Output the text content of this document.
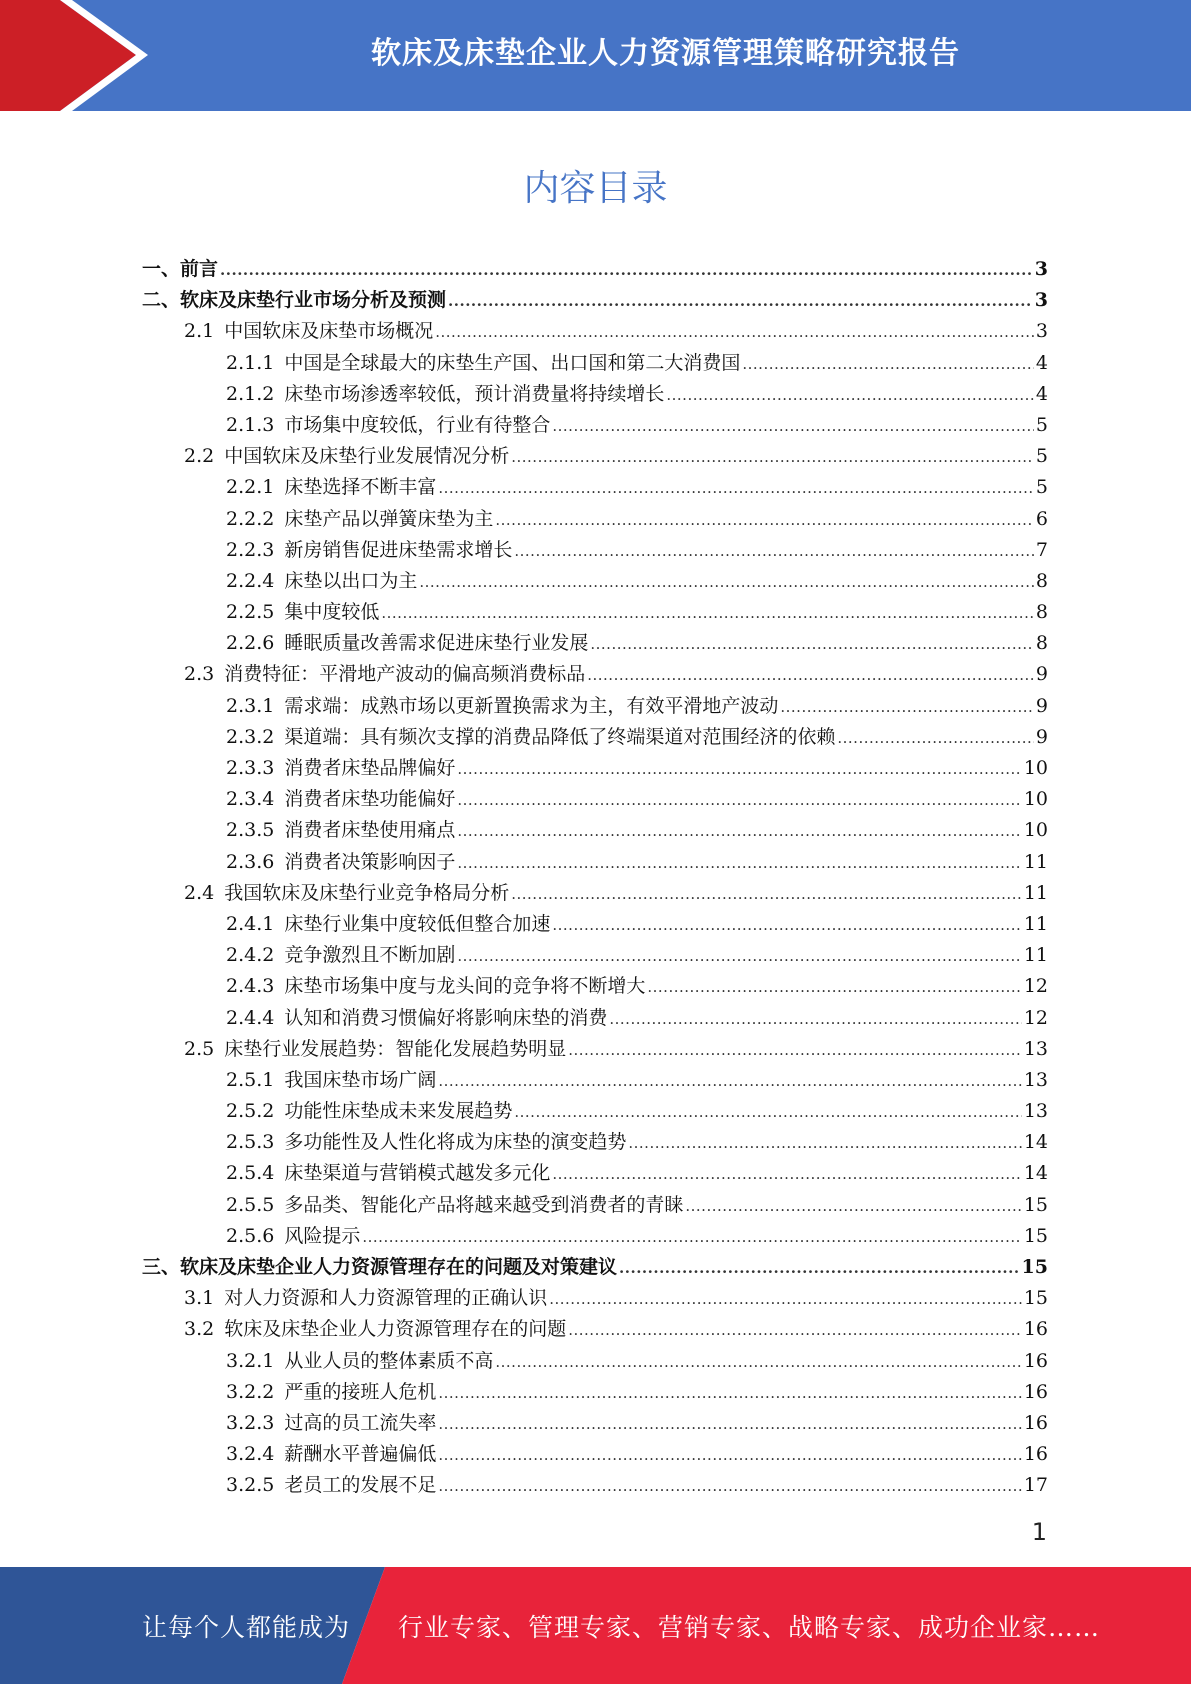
软床及床垫企业人力资源管理策略研究报告
内容目录
一、 前言 .....	3
二、 软床及床垫行业市场分析及预测 .....	3
2.1 中国软床及床垫市场概况 .....	3
2.1.1 中国是全球最大的床垫生产国、出口国和第二大消费国 .....	4
2.1.2 床垫市场渗透率较低，预计消费量将持续增长 .....	4
2.1.3 市场集中度较低，行业有待整合 .....	5
2.2 中国软床及床垫行业发展情况分析 .....	5
2.2.1 床垫选择不断丰富 .....	5
2.2.2 床垫产品以弹簧床垫为主 .....	6
2.2.3 新房销售促进床垫需求增长 .....	7
2.2.4 床垫以出口为主 .....	8
2.2.5 集中度较低 .....	8
2.2.6 睡眠质量改善需求促进床垫行业发展 .....	8
2.3 消费特征：平滑地产波动的偏高频消费标品 .....	9
2.3.1 需求端：成熟市场以更新置换需求为主，有效平滑地产波动 .....	9
2.3.2 渠道端：具有频次支撑的消费品降低了终端渠道对范围经济的依赖 .....	9
2.3.3 消费者床垫品牌偏好 .....	10
2.3.4 消费者床垫功能偏好 .....	10
2.3.5 消费者床垫使用痛点 .....	10
2.3.6 消费者决策影响因子 .....	11
2.4 我国软床及床垫行业竞争格局分析 .....	11
2.4.1 床垫行业集中度较低但整合加速 .....	11
2.4.2 竞争激烈且不断加剧 .....	11
2.4.3 床垫市场集中度与龙头间的竞争将不断增大 .....	12
2.4.4 认知和消费习惯偏好将影响床垫的消费 .....	12
2.5 床垫行业发展趋势：智能化发展趋势明显 .....	13
2.5.1 我国床垫市场广阔 .....	13
2.5.2 功能性床垫成未来发展趋势 .....	13
2.5.3 多功能性及人性化将成为床垫的演变趋势 .....	14
2.5.4 床垫渠道与营销模式越发多元化 .....	14
2.5.5 多品类、智能化产品将越来越受到消费者的青睐 .....	15
2.5.6 风险提示 .....	15
三、 软床及床垫企业人力资源管理存在的问题及对策建议 .....	15
3.1 对人力资源和人力资源管理的正确认识 .....	15
3.2 软床及床垫企业人力资源管理存在的问题 .....	16
3.2.1 从业人员的整体素质不高 .....	16
3.2.2 严重的接班人危机 .....	16
3.2.3 过高的员工流失率 .....	16
3.2.4 薪酬水平普遍偏低 .....	16
3.2.5 老员工的发展不足 .....	17
1
让每个人都能成为 行业专家、管理专家、营销专家、战略专家、成功企业家……
